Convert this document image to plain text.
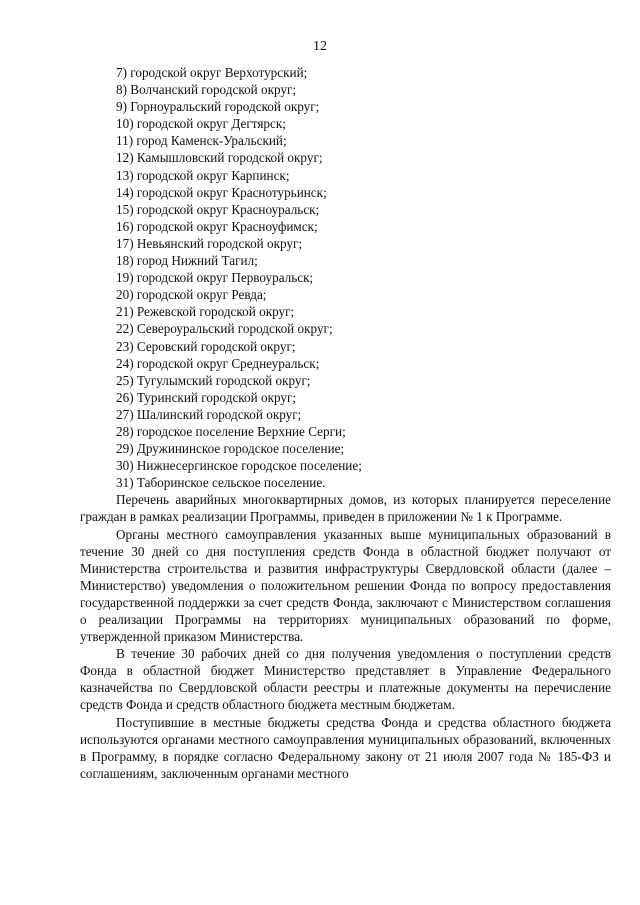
12
7) городской округ Верхотурский;
8) Волчанский городской округ;
9) Горноуральский городской округ;
10) городской округ Дегтярск;
11) город Каменск-Уральский;
12) Камышловский городской округ;
13) городской округ Карпинск;
14) городской округ Краснотурьинск;
15) городской округ Красноуральск;
16) городской округ Красноуфимск;
17) Невьянский городской округ;
18) город Нижний Тагил;
19) городской округ Первоуральск;
20) городской округ Ревда;
21) Режевской городской округ;
22) Североуральский городской округ;
23) Серовский городской округ;
24) городской округ Среднеуральск;
25) Тугулымский городской округ;
26) Туринский городской округ;
27) Шалинский городской округ;
28) городское поселение Верхние Серги;
29) Дружининское городское поселение;
30) Нижнесергинское городское поселение;
31) Таборинское сельское поселение.

Перечень аварийных многоквартирных домов, из которых планируется переселение граждан в рамках реализации Программы, приведен в приложении № 1 к Программе.

Органы местного самоуправления указанных выше муниципальных образований в течение 30 дней со дня поступления средств Фонда в областной бюджет получают от Министерства строительства и развития инфраструктуры Свердловской области (далее – Министерство) уведомления о положительном решении Фонда по вопросу предоставления государственной поддержки за счет средств Фонда, заключают с Министерством соглашения о реализации Программы на территориях муниципальных образований по форме, утвержденной приказом Министерства.

В течение 30 рабочих дней со дня получения уведомления о поступлении средств Фонда в областной бюджет Министерство представляет в Управление Федерального казначейства по Свердловской области реестры и платежные документы на перечисление средств Фонда и средств областного бюджета местным бюджетам.

Поступившие в местные бюджеты средства Фонда и средства областного бюджета используются органами местного самоуправления муниципальных образований, включенных в Программу, в порядке согласно Федеральному закону от 21 июля 2007 года № 185-ФЗ и соглашениям, заключенным органами местного
